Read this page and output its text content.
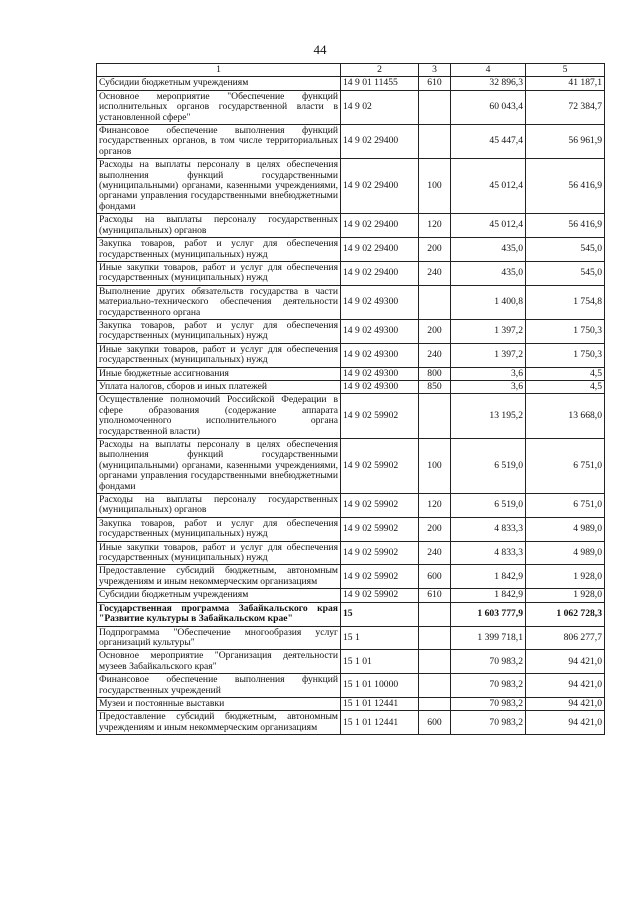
44
1	2	3	4	5
Субсидии бюджетным учреждениям	14 9 01 11455	610	32 896,3	41 187,1
Основное мероприятие "Обеспечение функций исполнительных органов государственной власти в установленной сфере"	14 9 02		60 043,4	72 384,7
Финансовое обеспечение выполнения функций государственных органов, в том числе территориальных органов	14 9 02 29400		45 447,4	56 961,9
Расходы на выплаты персоналу в целях обеспечения выполнения функций государственными (муниципальными) органами, казенными учреждениями, органами управления государственными внебюджетными фондами	14 9 02 29400	100	45 012,4	56 416,9
Расходы на выплаты персоналу государственных (муниципальных) органов	14 9 02 29400	120	45 012,4	56 416,9
Закупка товаров, работ и услуг для обеспечения государственных (муниципальных) нужд	14 9 02 29400	200	435,0	545,0
Иные закупки товаров, работ и услуг для обеспечения государственных (муниципальных) нужд	14 9 02 29400	240	435,0	545,0
Выполнение других обязательств государства в части материально-технического обеспечения деятельности государственного органа	14 9 02 49300		1 400,8	1 754,8
Закупка товаров, работ и услуг для обеспечения государственных (муниципальных) нужд	14 9 02 49300	200	1 397,2	1 750,3
Иные закупки товаров, работ и услуг для обеспечения государственных (муниципальных) нужд	14 9 02 49300	240	1 397,2	1 750,3
Иные бюджетные ассигнования	14 9 02 49300	800	3,6	4,5
Уплата налогов, сборов и иных платежей	14 9 02 49300	850	3,6	4,5
Осуществление полномочий Российской Федерации в сфере образования (содержание аппарата уполномоченного исполнительного органа государственной власти)	14 9 02 59902		13 195,2	13 668,0
Расходы на выплаты персоналу в целях обеспечения выполнения функций государственными (муниципальными) органами, казенными учреждениями, органами управления государственными внебюджетными фондами	14 9 02 59902	100	6 519,0	6 751,0
Расходы на выплаты персоналу государственных (муниципальных) органов	14 9 02 59902	120	6 519,0	6 751,0
Закупка товаров, работ и услуг для обеспечения государственных (муниципальных) нужд	14 9 02 59902	200	4 833,3	4 989,0
Иные закупки товаров, работ и услуг для обеспечения государственных (муниципальных) нужд	14 9 02 59902	240	4 833,3	4 989,0
Предоставление субсидий бюджетным, автономным учреждениям и иным некоммерческим организациям	14 9 02 59902	600	1 842,9	1 928,0
Субсидии бюджетным учреждениям	14 9 02 59902	610	1 842,9	1 928,0
Государственная программа Забайкальского края "Развитие культуры в Забайкальском крае"	15		1 603 777,9	1 062 728,3
Подпрограмма "Обеспечение многообразия услуг организаций культуры"	15 1		1 399 718,1	806 277,7
Основное мероприятие "Организация деятельности музеев Забайкальского края"	15 1 01		70 983,2	94 421,0
Финансовое обеспечение выполнения функций государственных учреждений	15 1 01 10000		70 983,2	94 421,0
Музеи и постоянные выставки	15 1 01 12441		70 983,2	94 421,0
Предоставление субсидий бюджетным, автономным учреждениям и иным некоммерческим организациям	15 1 01 12441	600	70 983,2	94 421,0
